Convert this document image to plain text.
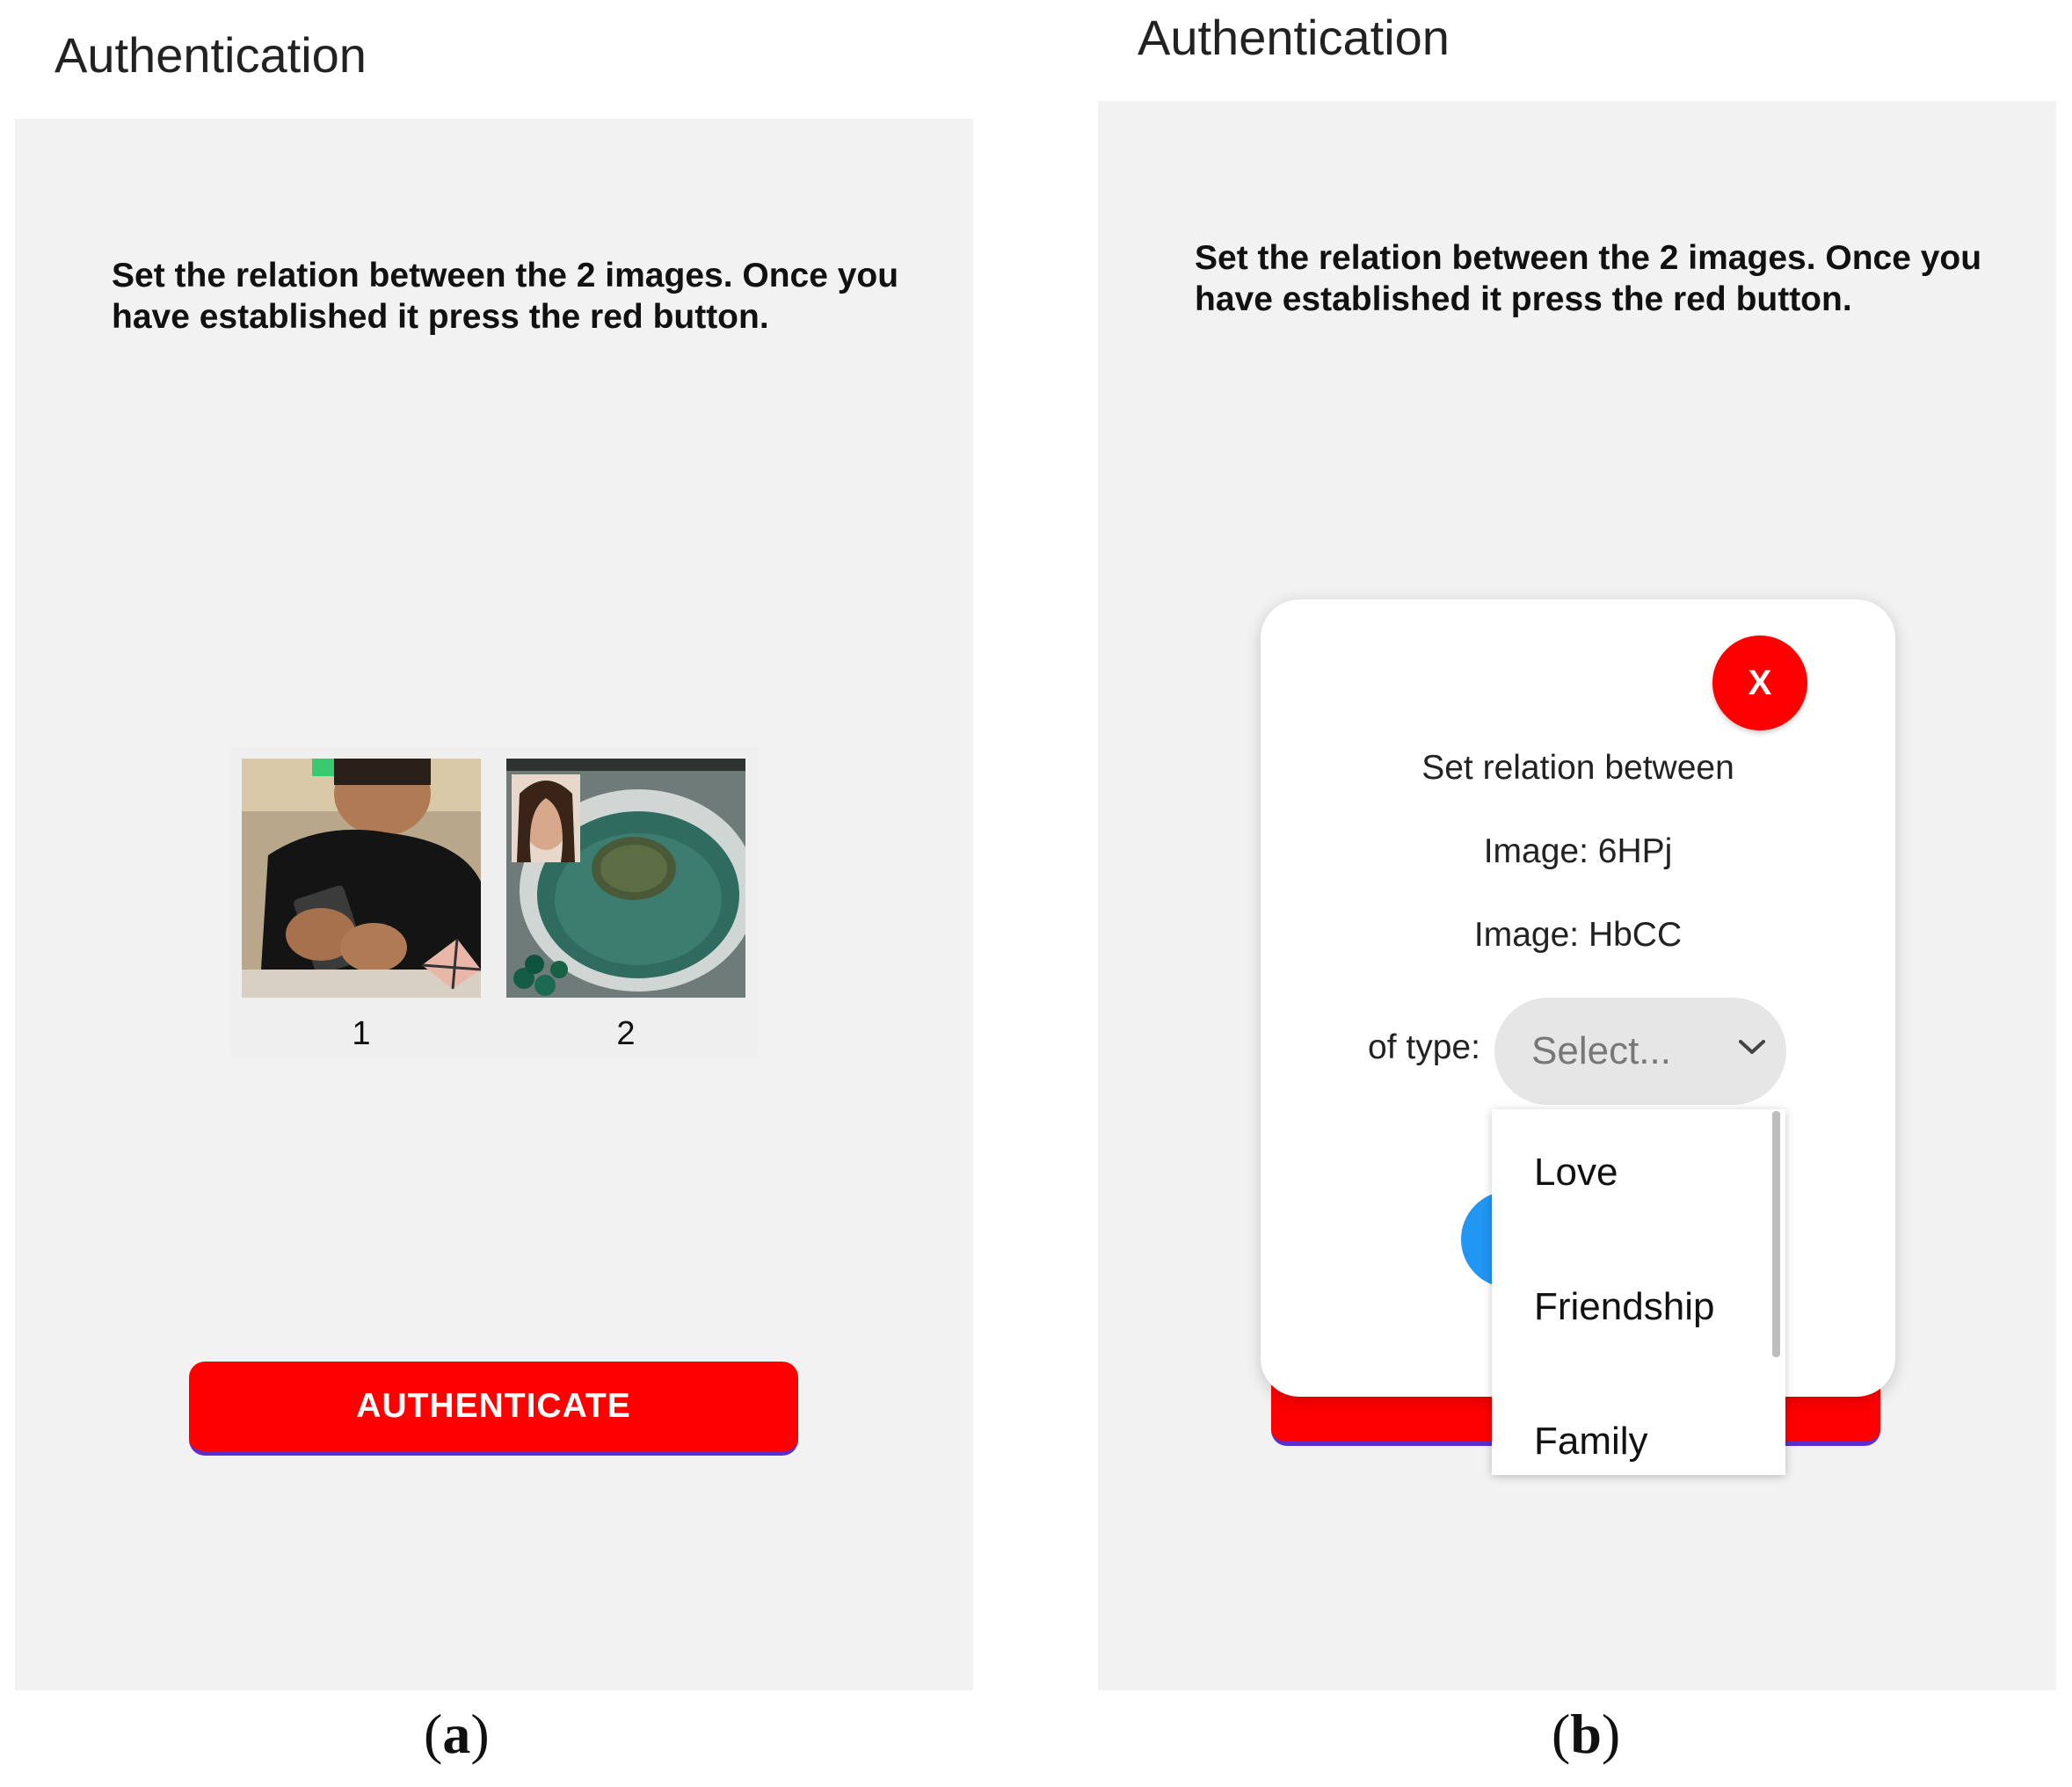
Authentication
Set the relation between the 2 images. Once you
have established it press the red button.
1	2
AUTHENTICATE
(a)
Authentication
Set the relation between the 2 images. Once you
have established it press the red button.
X
Set relation between
Image: 6HPj
Image: HbCC
of type: Select...
Love
Friendship
Family
(b)
